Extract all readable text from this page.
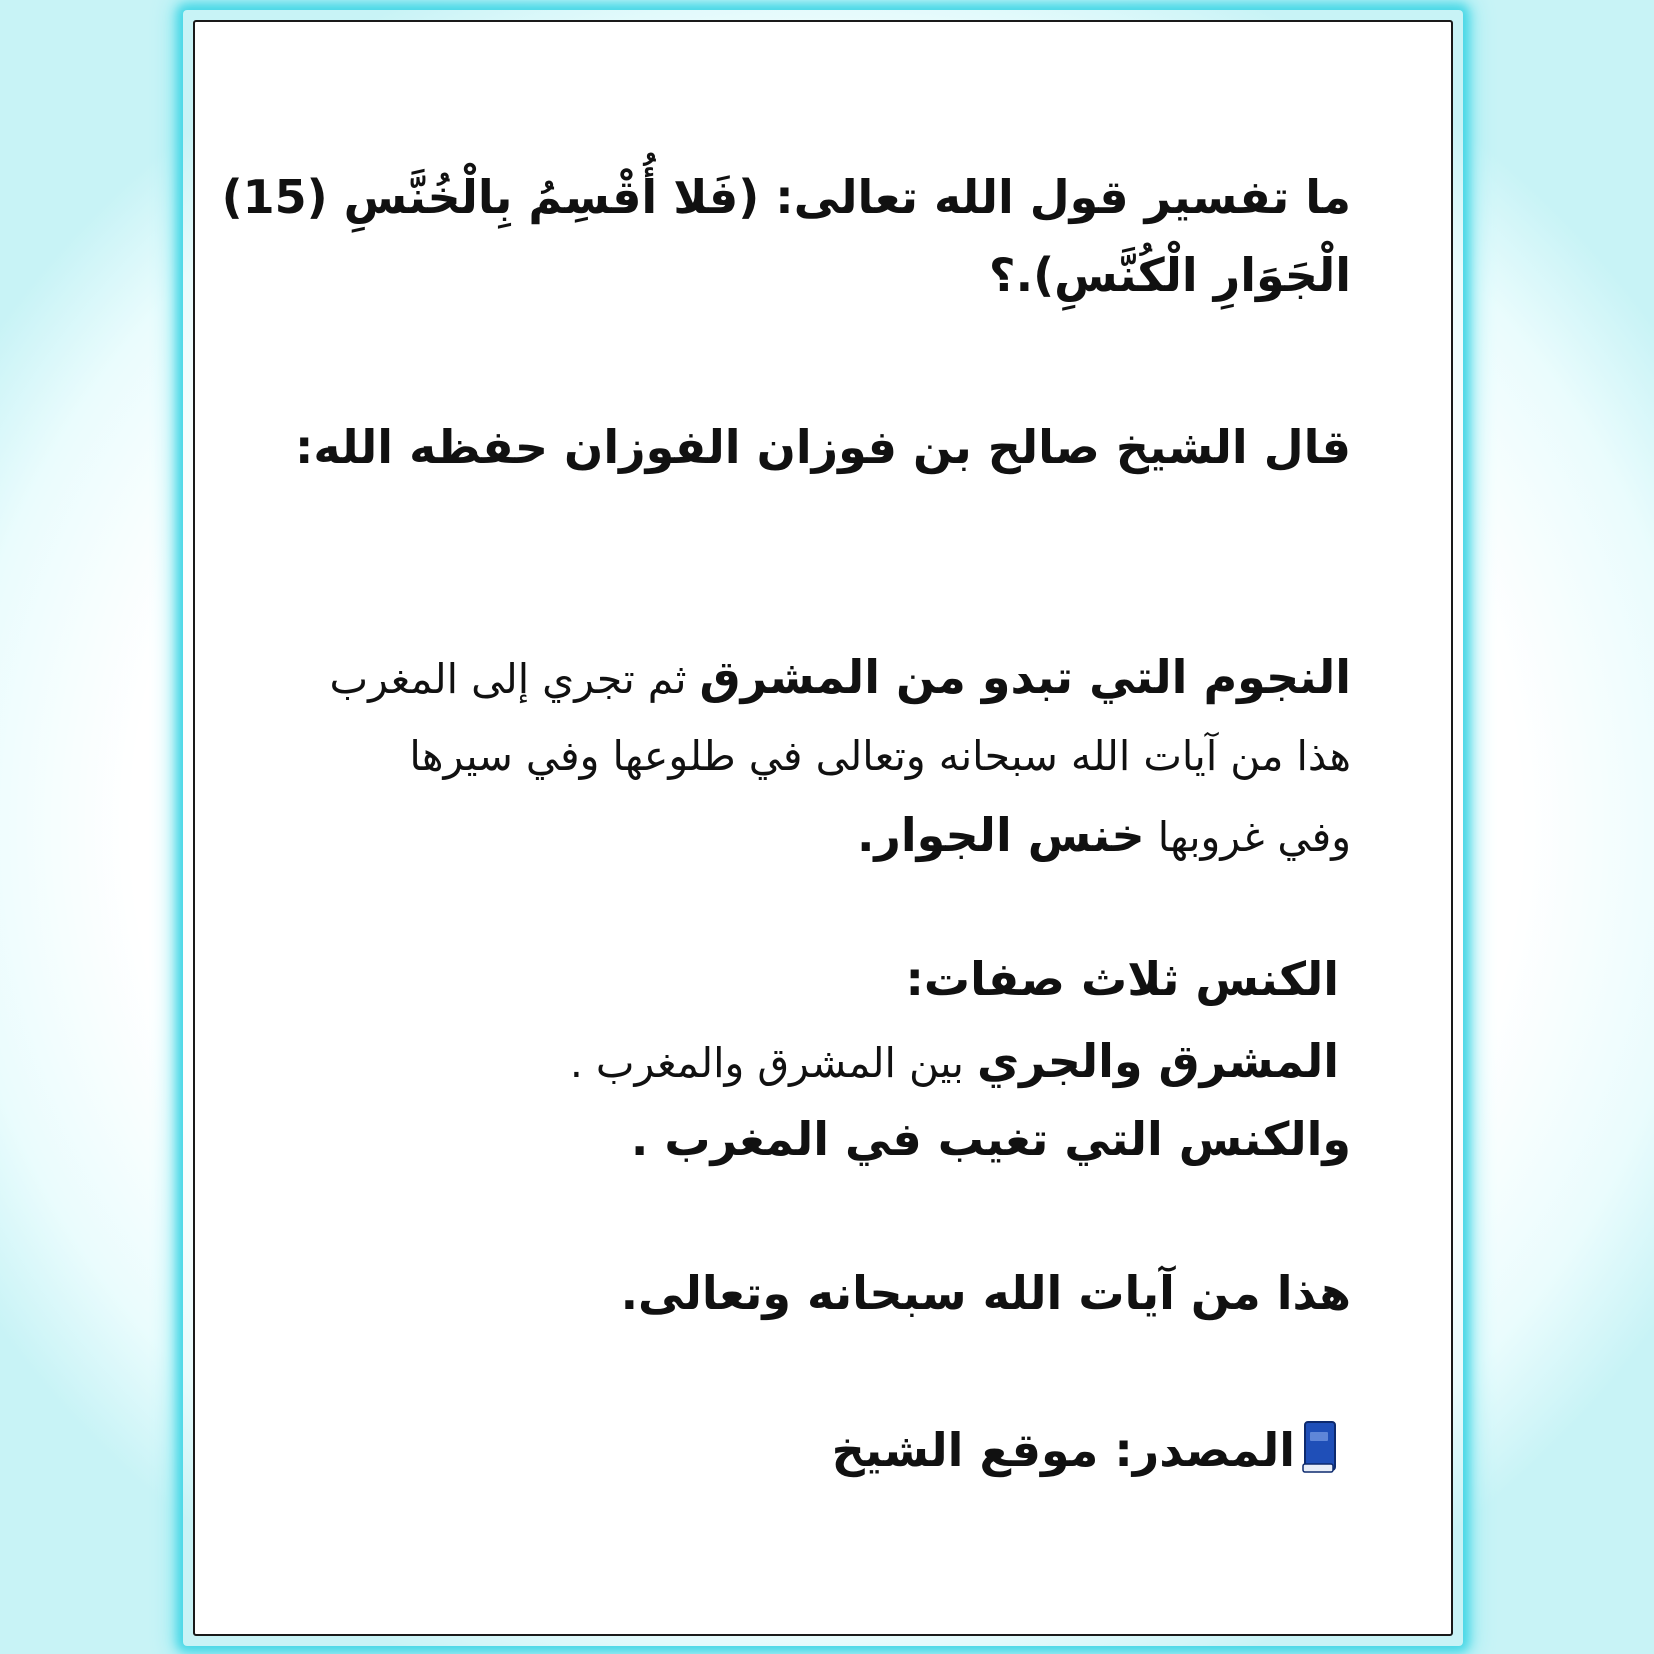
ما تفسير قول الله تعالى: (فَلا أُقْسِمُ بِالْخُنَّسِ (15)

الْجَوَارِ الْكُنَّسِ).؟

قال الشيخ صالح بن فوزان الفوزان حفظه الله:

النجوم التي تبدو من المشرق ثم تجري إلى المغرب

هذا من آيات الله سبحانه وتعالى في طلوعها وفي سيرها

وفي غروبها خنس الجوار.

الكنس ثلاث صفات:

المشرق والجري بين المشرق والمغرب .

والكنس التي تغيب في المغرب .

هذا من آيات الله سبحانه وتعالى.

المصدر: موقع الشيخ
